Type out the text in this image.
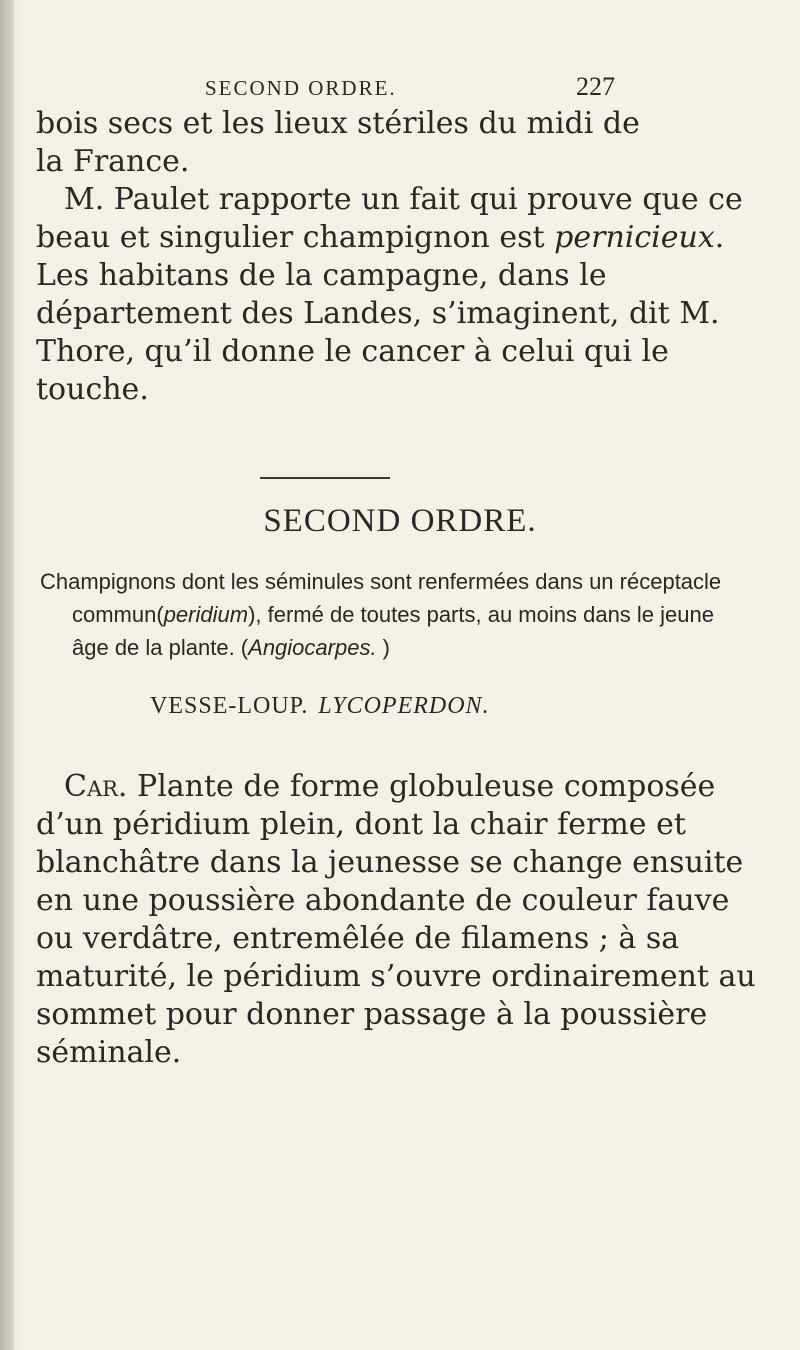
SECOND ORDRE.	227

bois secs et les lieux stériles du midi de

la France.

M. Paulet rapporte un fait qui prouve que ce beau et singulier champignon est pernicieux. Les habitans de la campagne, dans le département des Landes, s’imaginent, dit M. Thore, qu’il donne le cancer à celui qui le touche.

SECOND ORDRE.

Champignons dont les séminules sont renfermées dans un réceptacle commun(peridium), fermé de toutes parts, au moins dans le jeune âge de la plante. (Angiocarpes. )

VESSE-LOUP. LYCOPERDON.

Car. Plante de forme globuleuse composée d’un péridium plein, dont la chair ferme et blanchâtre dans la jeunesse se change ensuite en une poussière abondante de couleur fauve ou verdâtre, entremêlée de filamens ; à sa maturité, le péridium s’ouvre ordinairement au sommet pour donner passage à la poussière séminale.
